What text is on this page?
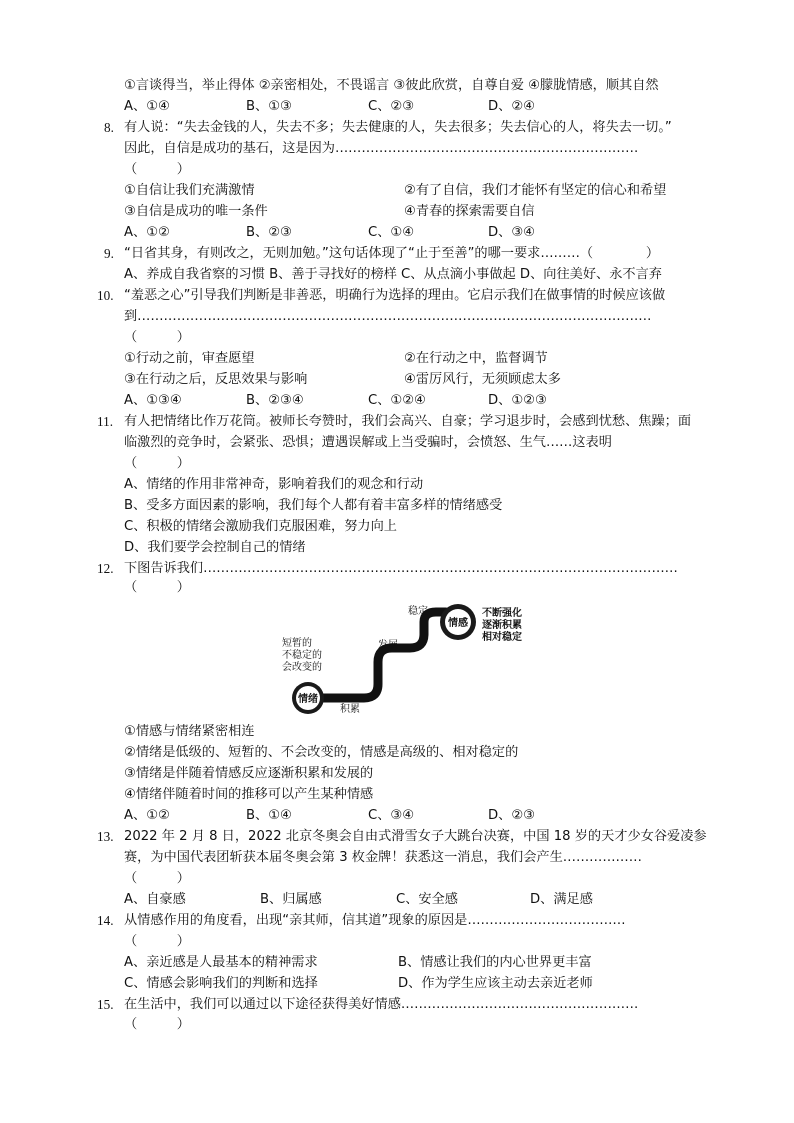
①言谈得当，举止得体 ②亲密相处，不畏谣言 ③彼此欣赏，自尊自爱 ④朦胧情感，顺其自然
A、①④	B、①③	C、②③	D、②④
8. 有人说：“失去金钱的人，失去不多；失去健康的人，失去很多；失去信心的人，将失去一切。”
因此，自信是成功的基石，这是因为……………………………………………………………
（　　　）
①自信让我们充满激情	②有了自信，我们才能怀有坚定的信心和希望
③自信是成功的唯一条件	④青春的探索需要自信
A、①②	B、②③	C、①④	D、③④
9. “日省其身，有则改之，无则加勉。”这句话体现了“止于至善”的哪一要求………（　　　　）
A、养成自我省察的习惯 B、善于寻找好的榜样 C、从点滴小事做起 D、向往美好、永不言弃
10. “羞恶之心”引导我们判断是非善恶，明确行为选择的理由。它启示我们在做事情的时候应该做
到………………………………………………………………………………………………………
（　　　）
①行动之前，审查愿望	②在行动之中，监督调节
③在行动之后，反思效果与影响	④雷厉风行，无须顾虑太多
A、①③④	B、②③④	C、①②④	D、①②③
11. 有人把情绪比作万花筒。被师长夸赞时，我们会高兴、自豪；学习退步时，会感到忧愁、焦躁；面
临激烈的竞争时，会紧张、恐惧；遭遇误解或上当受骗时，会愤怒、生气……这表明
（　　　）
A、情绪的作用非常神奇，影响着我们的观念和行动
B、受多方面因素的影响，我们每个人都有着丰富多样的情绪感受
C、积极的情绪会激励我们克服困难，努力向上
D、我们要学会控制自己的情绪
12. 下图告诉我们………………………………………………………………………………………………
（　　　）
情绪
情感
短暂的
不稳定的
会改变的
积累
发展
稳定	不断强化
逐渐积累
相对稳定
①情感与情绪紧密相连
②情绪是低级的、短暂的、不会改变的，情感是高级的、相对稳定的
③情绪是伴随着情感反应逐渐积累和发展的
④情绪伴随着时间的推移可以产生某种情感
A、①②	B、①④	C、③④	D、②③
13. 2022 年 2 月 8 日，2022 北京冬奥会自由式滑雪女子大跳台决赛，中国 18 岁的天才少女谷爱凌参
赛，为中国代表团斩获本届冬奥会第 3 枚金牌！获悉这一消息，我们会产生………………
（　　　）
A、自豪感	B、归属感	C、安全感	D、满足感
14. 从情感作用的角度看，出现“亲其师，信其道”现象的原因是………………………………
（　　　）
A、亲近感是人最基本的精神需求	B、情感让我们的内心世界更丰富
C、情感会影响我们的判断和选择	D、作为学生应该主动去亲近老师
15. 在生活中，我们可以通过以下途径获得美好情感………………………………………………
（　　　）
